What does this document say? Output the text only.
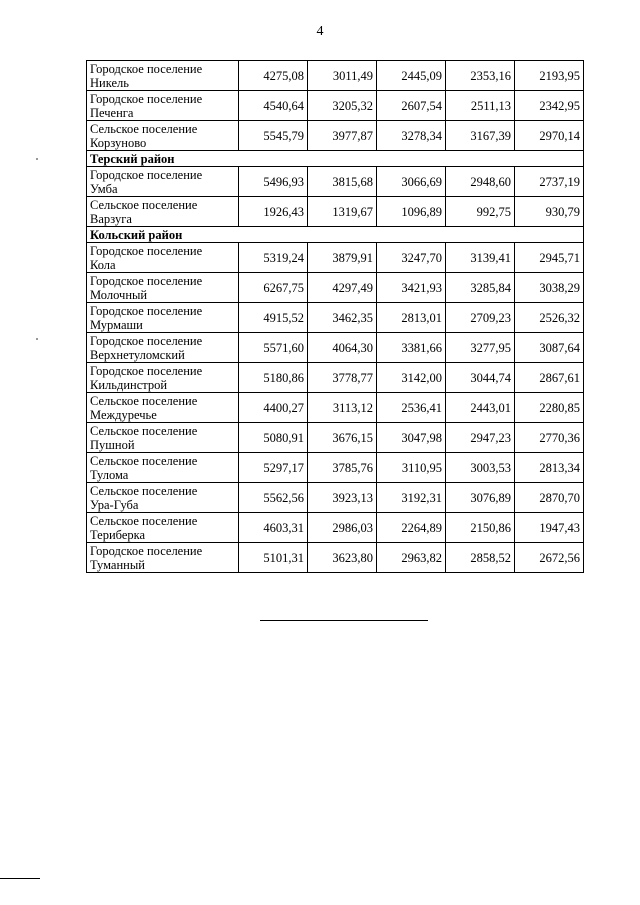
4
Городское поселение
Никель	4275,08	3011,49	2445,09	2353,16	2193,95

Городское поселение
Печенга	4540,64	3205,32	2607,54	2511,13	2342,95

Сельское поселение
Корзуново	5545,79	3977,87	3278,34	3167,39	2970,14
Терский район					

Городское поселение
Умба	5496,93	3815,68	3066,69	2948,60	2737,19

Сельское поселение
Варзуга	1926,43	1319,67	1096,89	992,75	930,79
Кольский район					

Городское поселение
Кола	5319,24	3879,91	3247,70	3139,41	2945,71

Городское поселение
Молочный	6267,75	4297,49	3421,93	3285,84	3038,29

Городское поселение
Мурмаши	4915,52	3462,35	2813,01	2709,23	2526,32

Городское поселение
Верхнетуломский	5571,60	4064,30	3381,66	3277,95	3087,64

Городское поселение
Кильдинстрой	5180,86	3778,77	3142,00	3044,74	2867,61

Сельское поселение
Междуречье	4400,27	3113,12	2536,41	2443,01	2280,85

Сельское поселение
Пушной	5080,91	3676,15	3047,98	2947,23	2770,36

Сельское поселение
Тулома	5297,17	3785,76	3110,95	3003,53	2813,34

Сельское поселение
Ура-Губа	5562,56	3923,13	3192,31	3076,89	2870,70

Сельское поселение
Териберка	4603,31	2986,03	2264,89	2150,86	1947,43

Городское поселение
Туманный	5101,31	3623,80	2963,82	2858,52	2672,56
